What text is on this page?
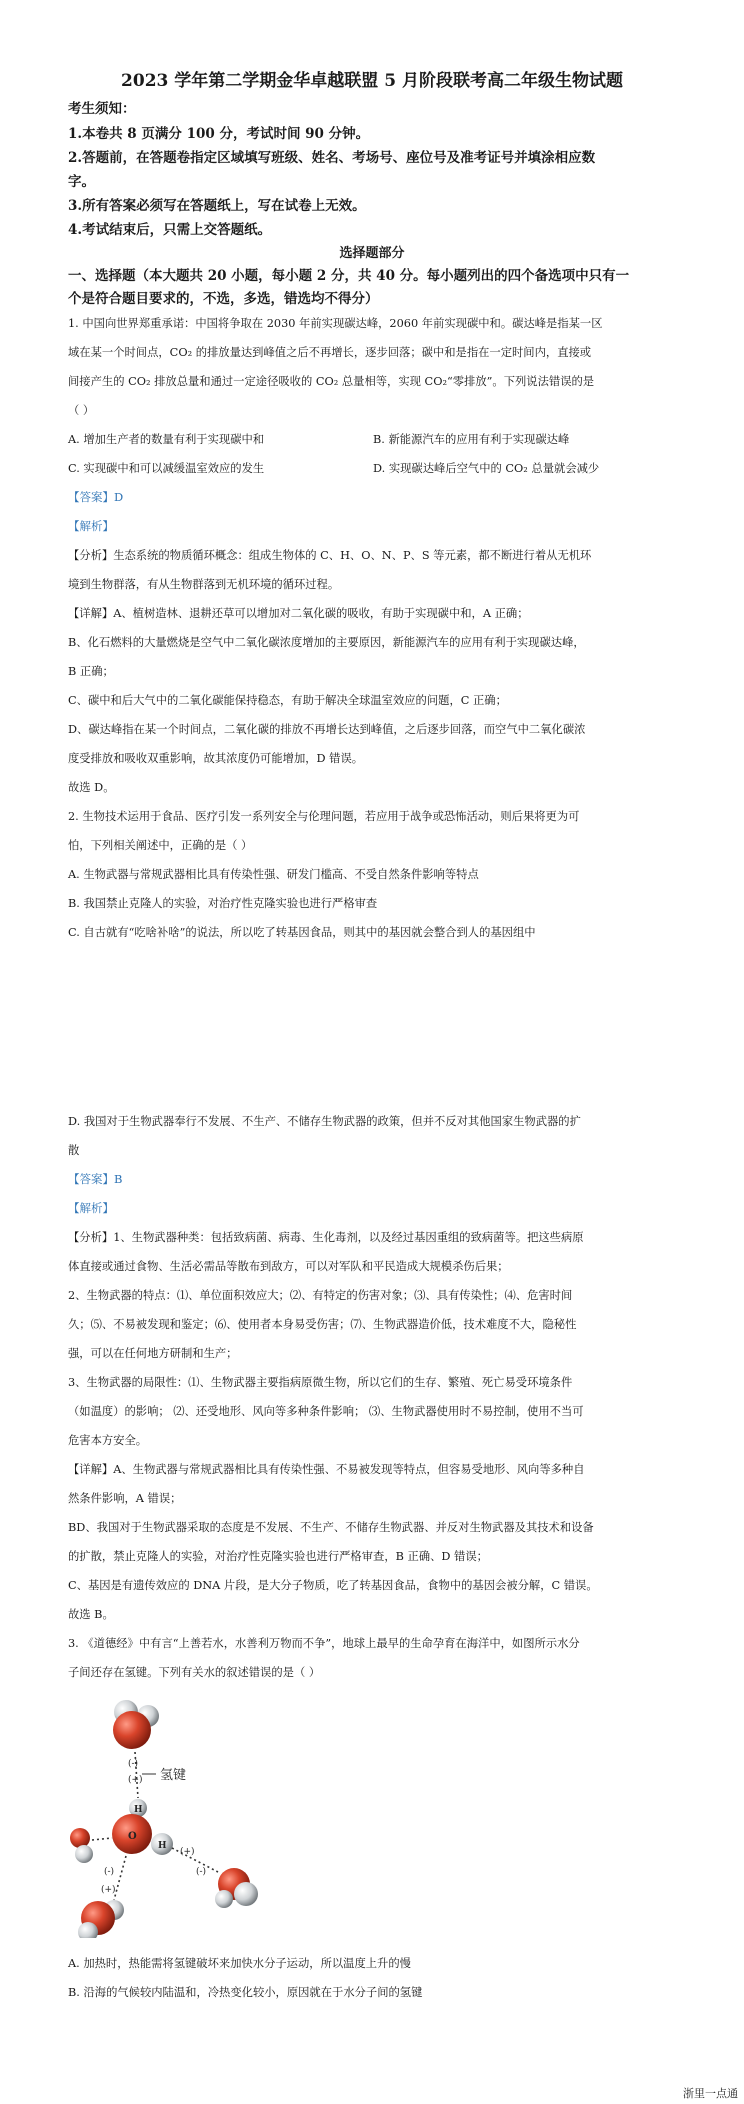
2023 学年第二学期金华卓越联盟 5 月阶段联考高二年级生物试题
考生须知：
1.本卷共 8 页满分 100 分，考试时间 90 分钟。
2.答题前，在答题卷指定区域填写班级、姓名、考场号、座位号及准考证号并填涂相应数
字。
3.所有答案必须写在答题纸上，写在试卷上无效。
4.考试结束后，只需上交答题纸。
选择题部分
一、选择题（本大题共 20 小题，每小题 2 分，共 40 分。每小题列出的四个备选项中只有一
个是符合题目要求的，不选，多选，错选均不得分）
1. 中国向世界郑重承诺：中国将争取在 2030 年前实现碳达峰，2060 年前实现碳中和。碳达峰是指某一区
域在某一个时间点，CO₂ 的排放量达到峰值之后不再增长，逐步回落；碳中和是指在一定时间内，直接或
间接产生的 CO₂ 排放总量和通过一定途径吸收的 CO₂ 总量相等，实现 CO₂“零排放”。下列说法错误的是
（ ）
A. 增加生产者的数量有利于实现碳中和	B. 新能源汽车的应用有利于实现碳达峰
C. 实现碳中和可以减缓温室效应的发生	D. 实现碳达峰后空气中的 CO₂ 总量就会减少
【答案】D
【解析】
【分析】生态系统的物质循环概念：组成生物体的 C、H、O、N、P、S 等元素，都不断进行着从无机环
境到生物群落，有从生物群落到无机环境的循环过程。
【详解】A、植树造林、退耕还草可以增加对二氧化碳的吸收，有助于实现碳中和，A 正确；
B、化石燃料的大量燃烧是空气中二氧化碳浓度增加的主要原因，新能源汽车的应用有利于实现碳达峰，
B 正确；
C、碳中和后大气中的二氧化碳能保持稳态，有助于解决全球温室效应的问题，C 正确；
D、碳达峰指在某一个时间点，二氧化碳的排放不再增长达到峰值，之后逐步回落，而空气中二氧化碳浓
度受排放和吸收双重影响，故其浓度仍可能增加，D 错误。
故选 D。
2. 生物技术运用于食品、医疗引发一系列安全与伦理问题，若应用于战争或恐怖活动，则后果将更为可
怕，下列相关阐述中，正确的是（ ）
A. 生物武器与常规武器相比具有传染性强、研发门槛高、不受自然条件影响等特点
B. 我国禁止克隆人的实验，对治疗性克隆实验也进行严格审查
C. 自古就有“吃啥补啥”的说法，所以吃了转基因食品，则其中的基因就会整合到人的基因组中
D. 我国对于生物武器奉行不发展、不生产、不储存生物武器的政策，但并不反对其他国家生物武器的扩
散
【答案】B
【解析】
【分析】1、生物武器种类：包括致病菌、病毒、生化毒剂，以及经过基因重组的致病菌等。把这些病原
体直接或通过食物、生活必需品等散布到敌方，可以对军队和平民造成大规模杀伤后果；
2、生物武器的特点：⑴、单位面积效应大；⑵、有特定的伤害对象；⑶、具有传染性；⑷、危害时间
久；⑸、不易被发现和鉴定；⑹、使用者本身易受伤害；⑺、生物武器造价低，技术难度不大，隐秘性
强，可以在任何地方研制和生产；
3、生物武器的局限性：⑴、生物武器主要指病原微生物，所以它们的生存、繁殖、死亡易受环境条件
（如温度）的影响； ⑵、还受地形、风向等多种条件影响； ⑶、生物武器使用时不易控制，使用不当可
危害本方安全。
【详解】A、生物武器与常规武器相比具有传染性强、不易被发现等特点，但容易受地形、风向等多种自
然条件影响，A 错误；
BD、我国对于生物武器采取的态度是不发展、不生产、不储存生物武器、并反对生物武器及其技术和设备
的扩散，禁止克隆人的实验，对治疗性克隆实验也进行严格审查，B 正确、D 错误；
C、基因是有遗传效应的 DNA 片段，是大分子物质，吃了转基因食品，食物中的基因会被分解，C 错误。
故选 B。
3. 《道德经》中有言“上善若水，水善利万物而不争”，地球上最早的生命孕育在海洋中，如图所示水分
子间还存在氢键。下列有关水的叙述错误的是（ ）
(-)
(+) 氢键
H
O
H
(+)
(-)
(-)
(+)
A. 加热时，热能需将氢键破坏来加快水分子运动，所以温度上升的慢
B. 沿海的气候较内陆温和，冷热变化较小，原因就在于水分子间的氢键
浙里一点通
